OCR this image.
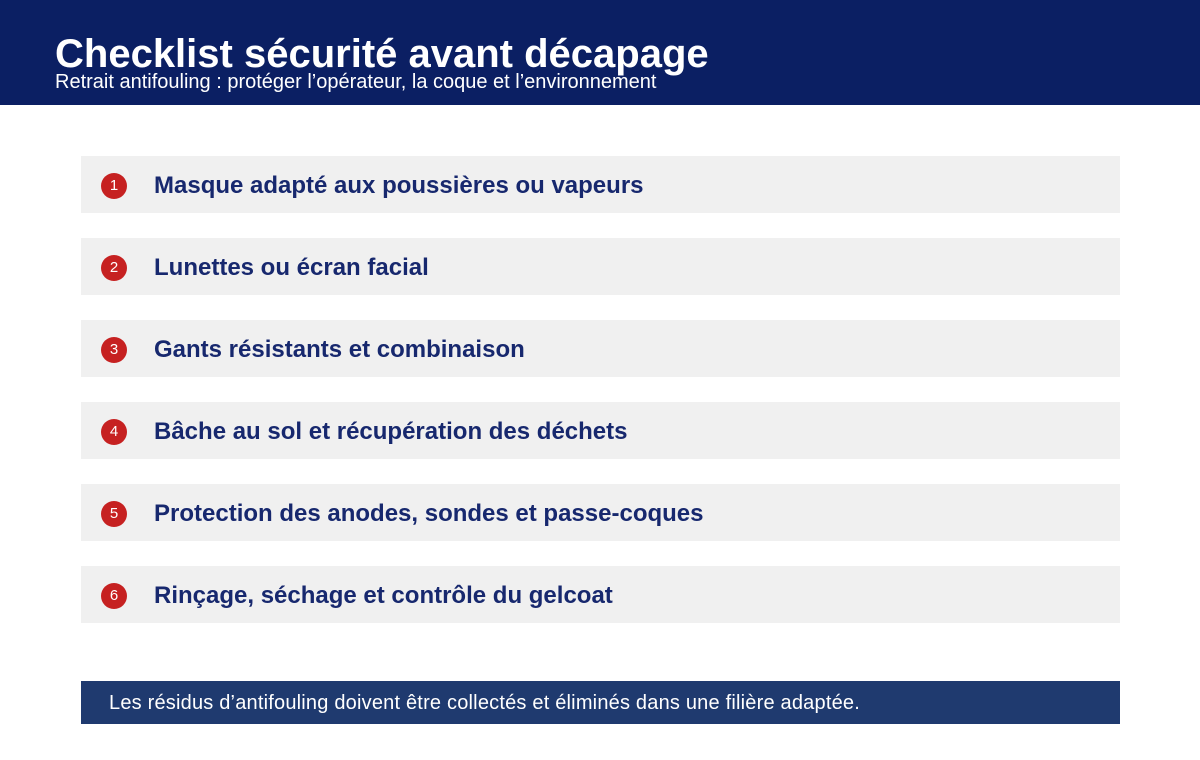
Checklist sécurité avant décapage
Retrait antifouling : protéger l’opérateur, la coque et l’environnement
1	Masque adapté aux poussières ou vapeurs
2	Lunettes ou écran facial
3	Gants résistants et combinaison
4	Bâche au sol et récupération des déchets
5	Protection des anodes, sondes et passe-coques
6	Rinçage, séchage et contrôle du gelcoat
Les résidus d’antifouling doivent être collectés et éliminés dans une filière adaptée.
